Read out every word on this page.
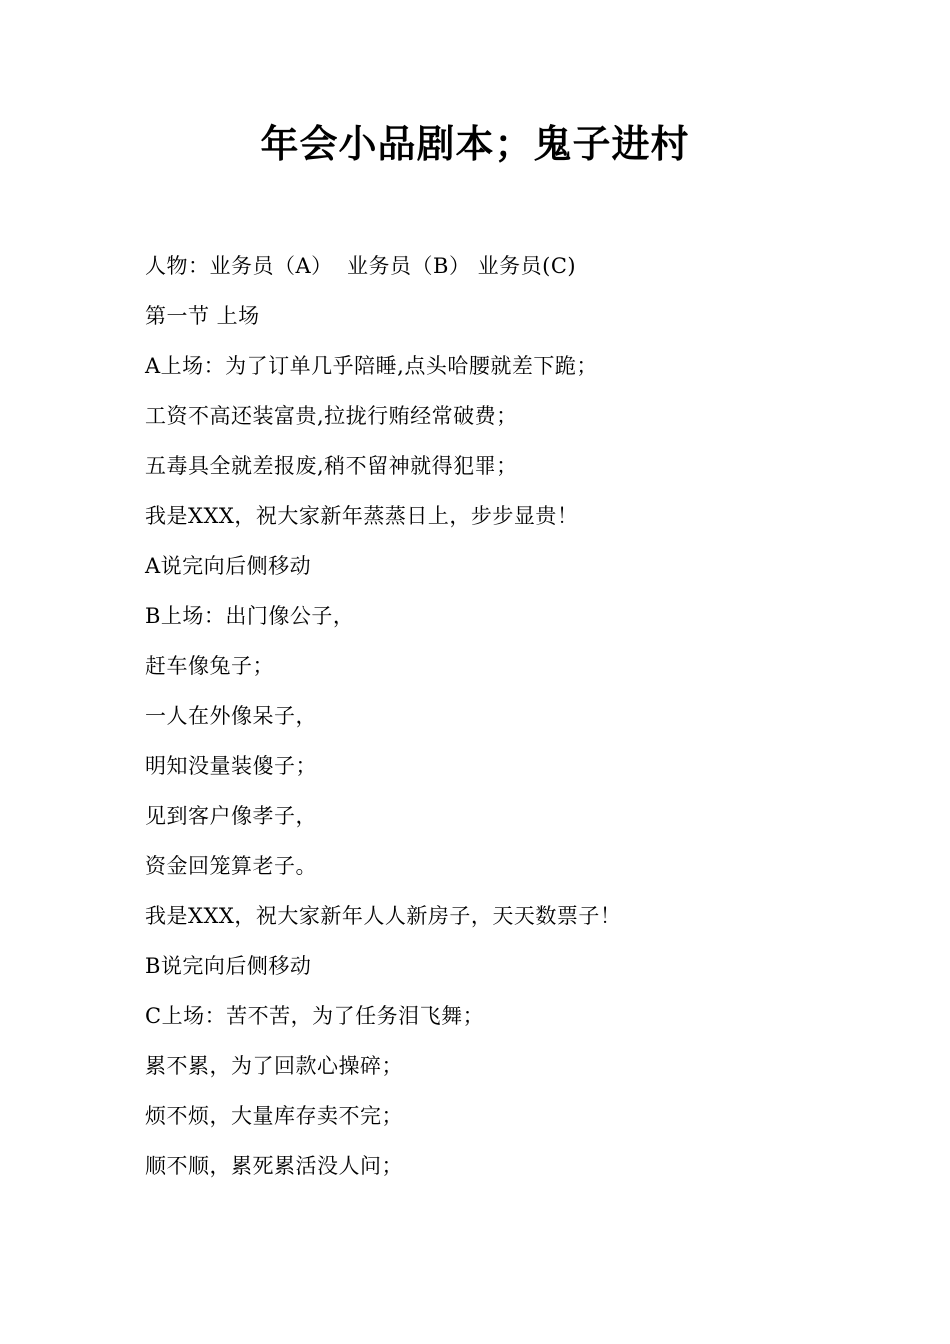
年会小品剧本；鬼子进村
人物：业务员（A）  业务员（B） 业务员(C)
第一节 上场
A上场：为了订单几乎陪睡,点头哈腰就差下跪；
工资不高还装富贵,拉拢行贿经常破费；
五毒具全就差报废,稍不留神就得犯罪；
我是XXX，祝大家新年蒸蒸日上，步步显贵！
A说完向后侧移动
B上场：出门像公子，
赶车像兔子；
一人在外像呆子，
明知没量装傻子；
见到客户像孝子，
资金回笼算老子。
我是XXX，祝大家新年人人新房子，天天数票子！
B说完向后侧移动
C上场：苦不苦，为了任务泪飞舞；
累不累，为了回款心操碎；
烦不烦，大量库存卖不完；
顺不顺，累死累活没人问；
